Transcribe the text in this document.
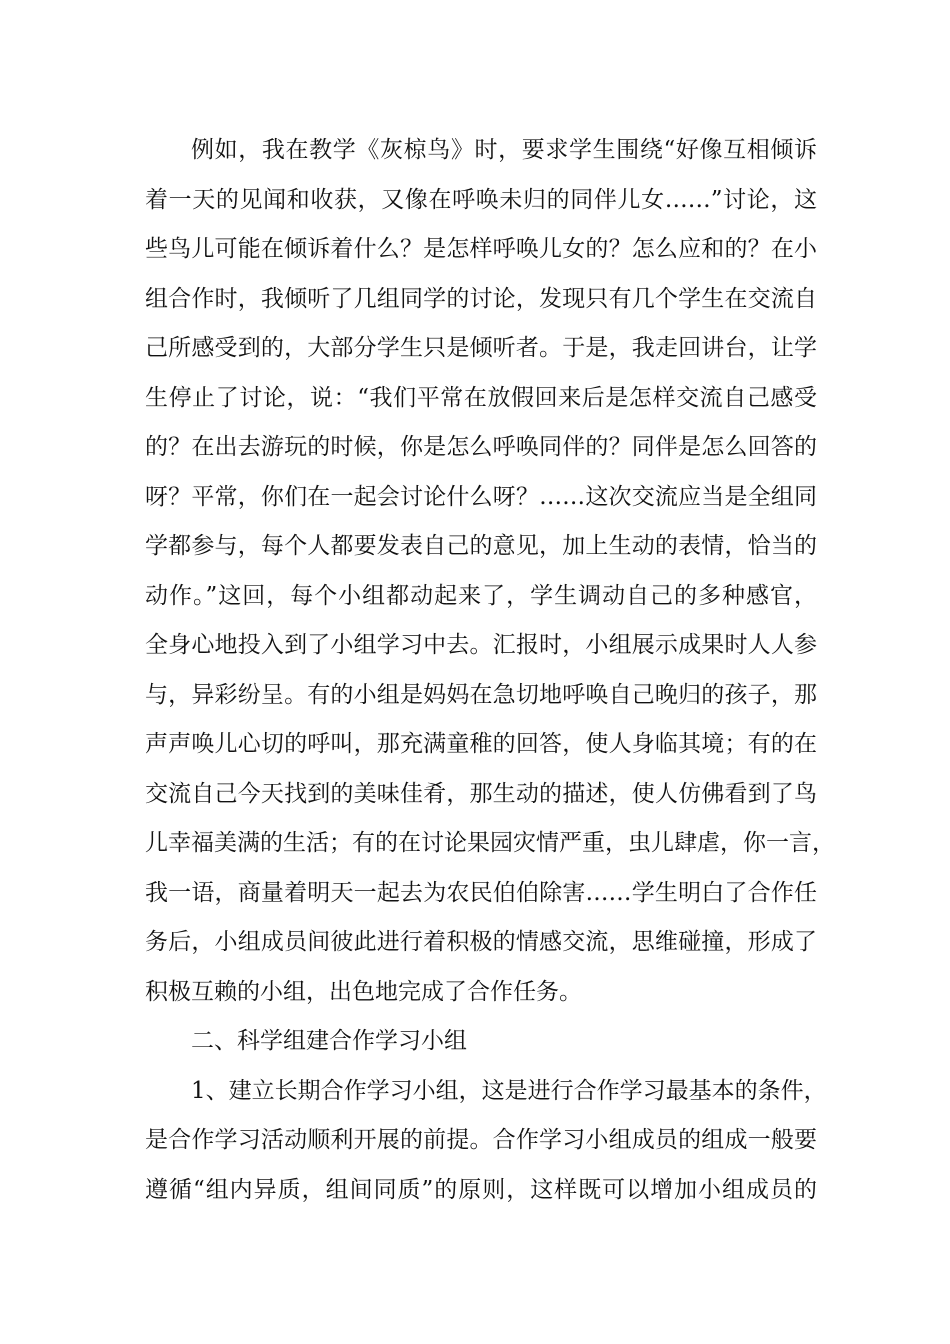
例如，我在教学《灰椋鸟》时，要求学生围绕“好像互相倾诉
着一天的见闻和收获，又像在呼唤未归的同伴儿女……”讨论，这
些鸟儿可能在倾诉着什么？是怎样呼唤儿女的？怎么应和的？在小
组合作时，我倾听了几组同学的讨论，发现只有几个学生在交流自
己所感受到的，大部分学生只是倾听者。于是，我走回讲台，让学
生停止了讨论，说：“我们平常在放假回来后是怎样交流自己感受
的？在出去游玩的时候，你是怎么呼唤同伴的？同伴是怎么回答的
呀？平常，你们在一起会讨论什么呀？……这次交流应当是全组同
学都参与，每个人都要发表自己的意见，加上生动的表情，恰当的
动作。”这回，每个小组都动起来了，学生调动自己的多种感官，
全身心地投入到了小组学习中去。汇报时，小组展示成果时人人参
与，异彩纷呈。有的小组是妈妈在急切地呼唤自己晚归的孩子，那
声声唤儿心切的呼叫，那充满童稚的回答，使人身临其境；有的在
交流自己今天找到的美味佳肴，那生动的描述，使人仿佛看到了鸟
儿幸福美满的生活；有的在讨论果园灾情严重，虫儿肆虐，你一言，
我一语，商量着明天一起去为农民伯伯除害……学生明白了合作任
务后，小组成员间彼此进行着积极的情感交流，思维碰撞，形成了
积极互赖的小组，出色地完成了合作任务。
二、科学组建合作学习小组
1、建立长期合作学习小组，这是进行合作学习最基本的条件，
是合作学习活动顺利开展的前提。合作学习小组成员的组成一般要
遵循“组内异质，组间同质”的原则，这样既可以增加小组成员的
